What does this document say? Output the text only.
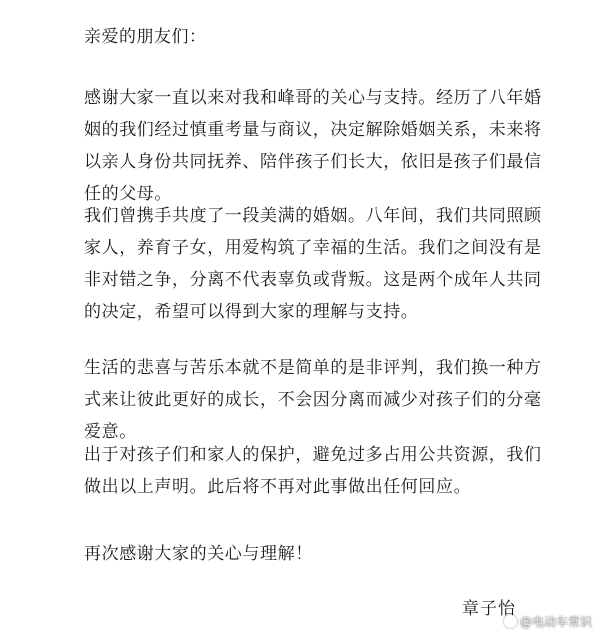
亲爱的朋友们：
感谢大家一直以来对我和峰哥的关心与支持。经历了八年婚姻的我们经过慎重考量与商议，决定解除婚姻关系，未来将以亲人身份共同抚养、陪伴孩子们长大，依旧是孩子们最信任的父母。
我们曾携手共度了一段美满的婚姻。八年间，我们共同照顾家人，养育子女，用爱构筑了幸福的生活。我们之间没有是非对错之争，分离不代表辜负或背叛。这是两个成年人共同的决定，希望可以得到大家的理解与支持。
生活的悲喜与苦乐本就不是简单的是非评判，我们换一种方式来让彼此更好的成长，不会因分离而减少对孩子们的分毫爱意。
出于对孩子们和家人的保护，避免过多占用公共资源，我们做出以上声明。此后将不再对此事做出任何回应。
再次感谢大家的关心与理解！
章子怡
@电动车常识
